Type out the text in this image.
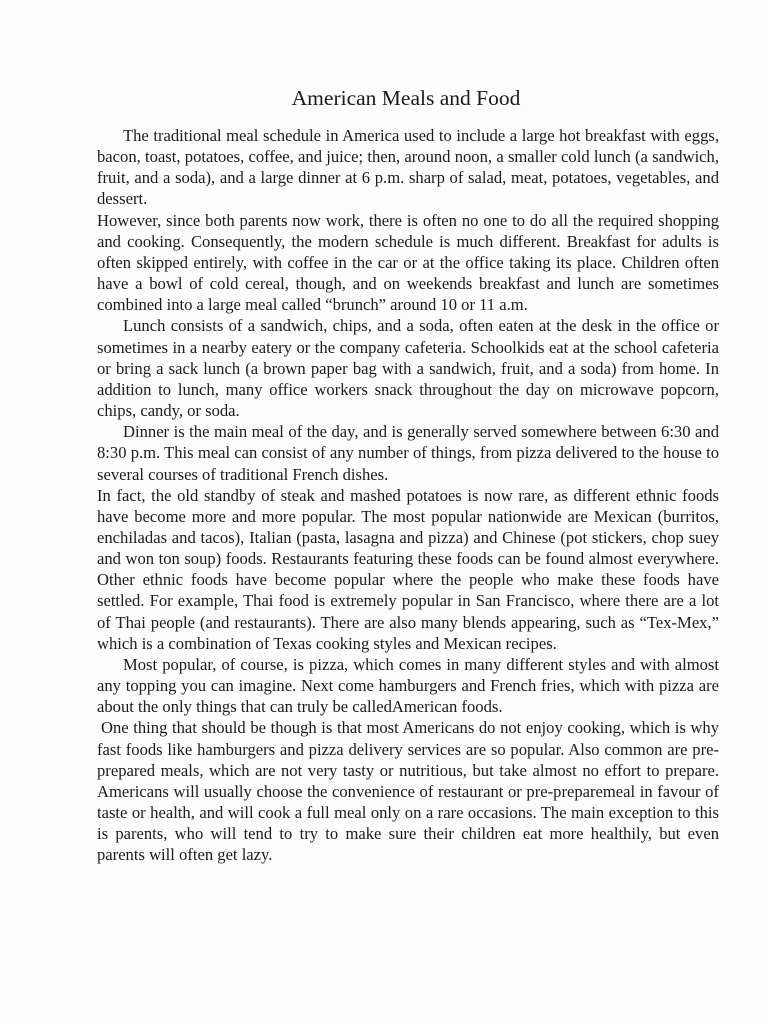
American Meals and Food

The traditional meal schedule in America used to include a large hot breakfast with eggs, bacon, toast, potatoes, coffee, and juice; then, around noon, a smaller cold lunch (a sandwich, fruit, and a soda), and a large dinner at 6 p.m. sharp of salad, meat, potatoes, vegetables, and dessert.

However, since both parents now work, there is often no one to do all the required shopping and cooking. Consequently, the modern schedule is much different. Breakfast for adults is often skipped entirely, with coffee in the car or at the office taking its place. Children often have a bowl of cold cereal, though, and on weekends breakfast and lunch are sometimes combined into a large meal called “brunch” around 10 or 11 a.m.

Lunch consists of a sandwich, chips, and a soda, often eaten at the desk in the office or sometimes in a nearby eatery or the company cafeteria. Schoolkids eat at the school cafeteria or bring a sack lunch (a brown paper bag with a sandwich, fruit, and a soda) from home. In addition to lunch, many office workers snack throughout the day on microwave popcorn, chips, candy, or soda.

Dinner is the main meal of the day, and is generally served somewhere between 6:30 and 8:30 p.m. This meal can consist of any number of things, from pizza delivered to the house to several courses of traditional French dishes.

In fact, the old standby of steak and mashed potatoes is now rare, as different ethnic foods have become more and more popular. The most popular nationwide are Mexican (burritos, enchiladas and tacos), Italian (pasta, lasagna and pizza) and Chinese (pot stickers, chop suey and won ton soup) foods. Restaurants featuring these foods can be found almost everywhere. Other ethnic foods have become popular where the people who make these foods have settled. For example, Thai food is extremely popular in San Francisco, where there are a lot of Thai people (and restaurants). There are also many blends appearing, such as “Tex-Mex,” which is a combination of Texas cooking styles and Mexican recipes.

Most popular, of course, is pizza, which comes in many different styles and with almost any topping you can imagine. Next come hamburgers and French fries, which with pizza are about the only things that can truly be calledAmerican foods.

One thing that should be though is that most Americans do not enjoy cooking, which is why fast foods like hamburgers and pizza delivery services are so popular. Also common are pre-prepared meals, which are not very tasty or nutritious, but take almost no effort to prepare. Americans will usually choose the convenience of restaurant or pre-preparemeal in favour of taste or health, and will cook a full meal only on a rare occasions. The main exception to this is parents, who will tend to try to make sure their children eat more healthily, but even parents will often get lazy.
